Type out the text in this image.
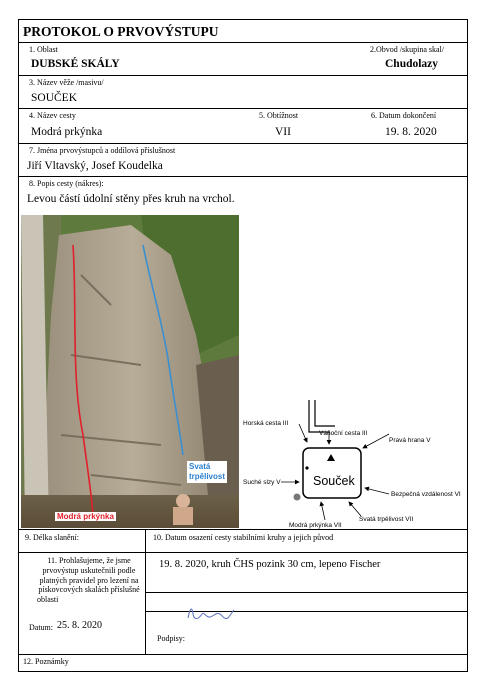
PROTOKOL O PRVOVÝSTUPU
1. Oblast
DUBSKÉ SKÁLY
2.Obvod /skupina skal/
Chudolazy
3. Název věže /masivu/
SOUČEK
4. Název cesty
Modrá prkýnka
5. Obtížnost
VII
6. Datum dokončení
19. 8. 2020
7. Jména prvovýstupců a oddílová příslušnost
Jiří Vltavský, Josef Koudelka
8. Popis cesty (nákres):
Levou částí údolní stěny přes kruh na vrchol.
Modrá prkýnka
Svatá
trpělivost	Souček
Horská cesta III
Vánoční cesta III
Pravá hrana V
Suché slzy V
Bezpečná vzdálenost VI
Modrá prkýnka VII
Svatá trpělivost VII
9. Délka slanění:	10. Datum osazení cesty stabilními kruhy a jejich původ
11. Prohlašujeme, že jsme
prvovýstup uskutečnili podle
platných pravidel pro lezení na
pískovcových skalách příslušné
oblasti
19. 8. 2020, kruh ČHS pozink 30 cm, lepeno Fischer
Datum: 25. 8. 2020
Podpisy:
12. Poznámky
